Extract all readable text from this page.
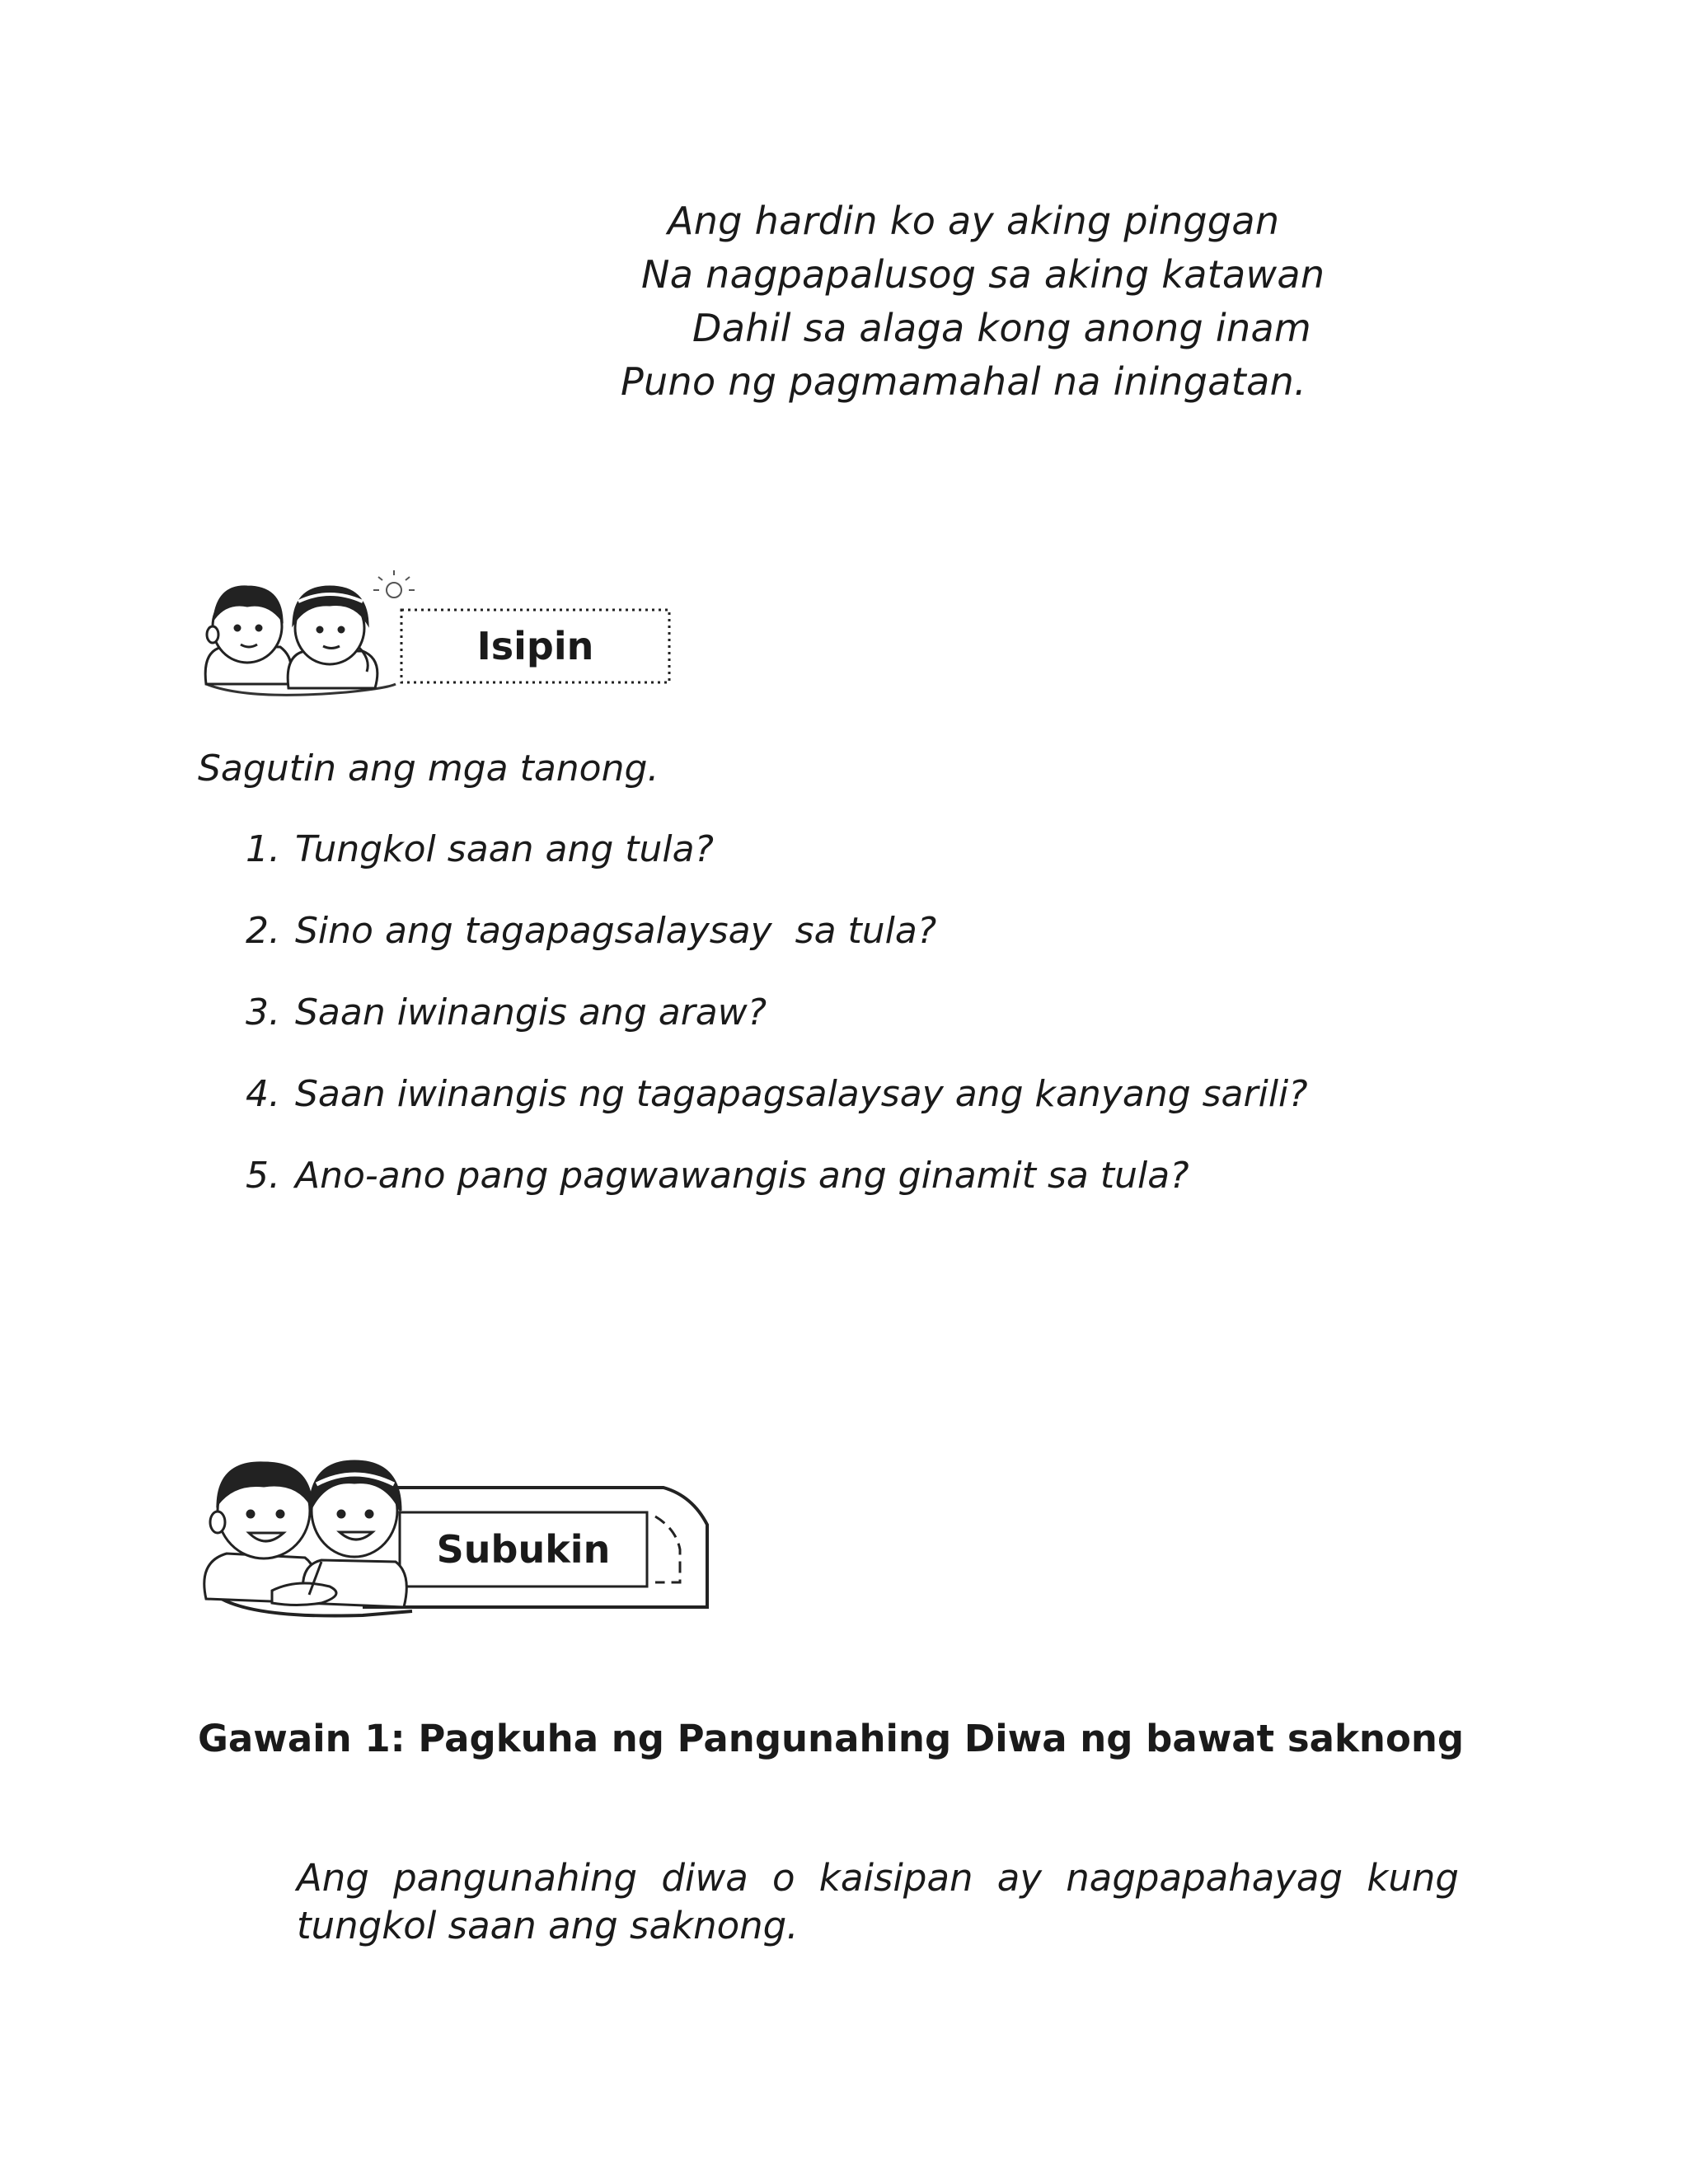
Ang hardin ko ay aking pinggan
Na nagpapalusog sa aking katawan
Dahil sa alaga kong anong inam
Puno ng pagmamahal na iningatan.
Isipin
Sagutin ang mga tanong.
1. Tungkol saan ang tula?
2. Sino ang tagapagsalaysay  sa tula?
3. Saan iwinangis ang araw?
4. Saan iwinangis ng tagapagsalaysay ang kanyang sarili?
5. Ano-ano pang pagwawangis ang ginamit sa tula?
Subukin
Gawain 1: Pagkuha ng Pangunahing Diwa ng bawat saknong
Ang pangunahing diwa o kaisipan ay nagpapahayag kung tungkol saan ang saknong.
